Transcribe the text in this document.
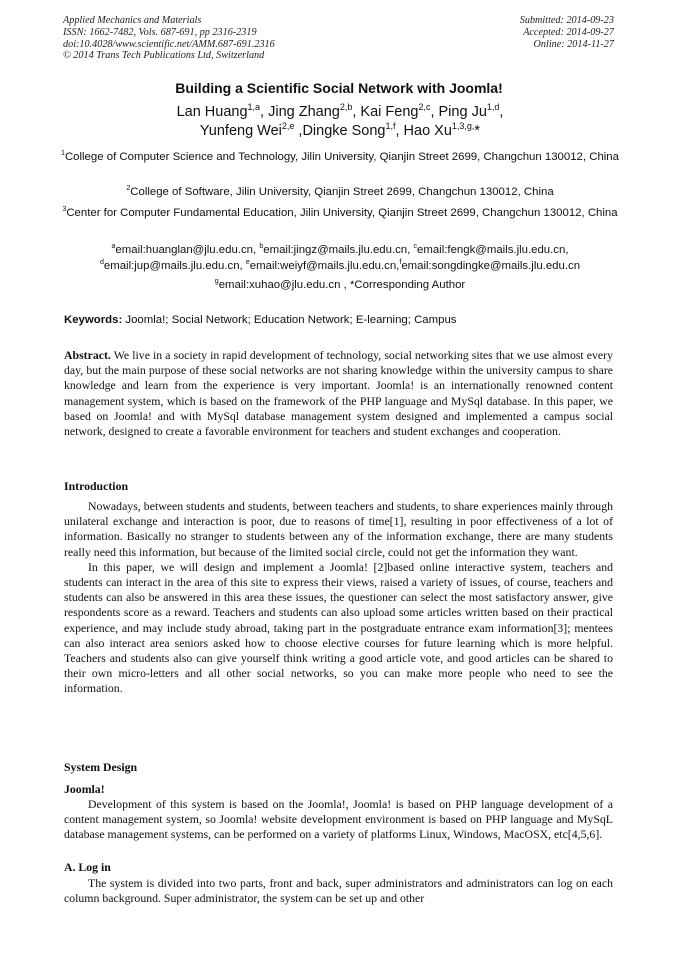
Applied Mechanics and Materials
ISSN: 1662-7482, Vols. 687-691, pp 2316-2319
doi:10.4028/www.scientific.net/AMM.687-691.2316
© 2014 Trans Tech Publications Ltd, Switzerland
Submitted: 2014-09-23
Accepted: 2014-09-27
Online: 2014-11-27
Building a Scientific Social Network with Joomla!
Lan Huang$^{1,a}$, Jing Zhang$^{2,b}$, Kai Feng$^{2,c}$, Ping Ju$^{1,d}$,
Yunfeng Wei$^{2,e}$ ,Dingke Song$^{1,f}$, Hao $Xu^{1,3,g,}*$
$^1$College of Computer Science and Technology, Jilin University, Qianjin Street 2699, Changchun 130012, China
$^2$College of Software, Jilin University, Qianjin Street 2699, Changchun 130012, China
$^3$Center for Computer Fundamental Education, Jilin University, Qianjin Street 2699, Changchun 130012, China
$^a$email:huanglan@jlu.edu.cn, $^b$email:jingz@mails.jlu.edu.cn, $^c$email:fengk@mails.jlu.edu.cn,
$^d$email:jup@mails.jlu.edu.cn, $^e$email:weiyf@mails.jlu.edu.cn,$^f$email:songdingke@mails.jlu.edu.cn
$^g$email:xuhao@jlu.edu.cn , *Corresponding Author
Keywords: Joomla!; Social Network; Education Network; E-learning; Campus

Abstract. We live in a society in rapid development of technology, social networking sites that we use almost every day, but the main purpose of these social networks are not sharing knowledge within the university campus to share knowledge and learn from the experience is very important. Joomla! is an internationally renowned content management system, which is based on the framework of the PHP language and MySql database. In this paper, we based on Joomla! and with MySql database management system designed and implemented a campus social network, designed to create a favorable environment for teachers and student exchanges and cooperation.

Introduction

Nowadays, between students and students, between teachers and students, to share experiences mainly through unilateral exchange and interaction is poor, due to reasons of time[1], resulting in poor effectiveness of a lot of information. Basically no stranger to students between any of the information exchange, there are many students really need this information, but because of the limited social circle, could not get the information they want.

In this paper, we will design and implement a Joomla! [2]based online interactive system, teachers and students can interact in the area of this site to express their views, raised a variety of issues, of course, teachers and students can also be answered in this area these issues, the questioner can select the most satisfactory answer, give respondents score as a reward. Teachers and students can also upload some articles written based on their practical experience, and may include study abroad, taking part in the postgraduate entrance exam information[3]; mentees can also interact area seniors asked how to choose elective courses for future learning which is more helpful. Teachers and students also can give yourself think writing a good article vote, and good articles can be shared to their own micro-letters and all other social networks, so you can make more people who need to see the information.

System Design
Joomla!

Development of this system is based on the Joomla!, Joomla! is based on PHP language development of a content management system, so Joomla! website development environment is based on PHP language and MySqL database management systems, can be performed on a variety of platforms Linux, Windows, MacOSX, etc[4,5,6].

A. Log in

The system is divided into two parts, front and back, super administrators and administrators can log on each column background. Super administrator, the system can be set up and other
